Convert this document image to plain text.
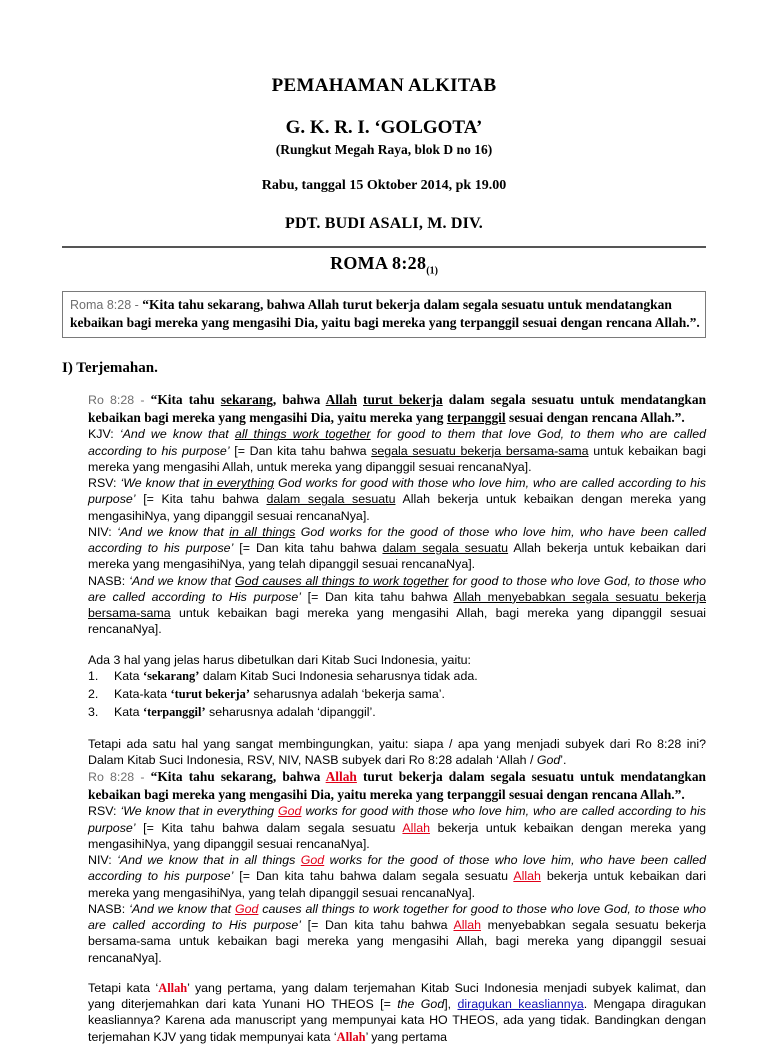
PEMAHAMAN ALKITAB
G. K. R. I. ‘GOLGOTA’
(Rungkut Megah Raya, blok D no 16)
Rabu, tanggal 15 Oktober 2014, pk 19.00
PDT. BUDI ASALI, M. DIV.
ROMA $8:28_{(1)}$
Roma 8:28 - “Kita tahu sekarang, bahwa Allah turut bekerja dalam segala sesuatu untuk mendatangkan kebaikan bagi mereka yang mengasihi Dia, yaitu bagi mereka yang terpanggil sesuai dengan rencana Allah.”.
I) Terjemahan.

Ro 8:28 - “Kita tahu sekarang, bahwa Allah turut bekerja dalam segala sesuatu untuk mendatangkan kebaikan bagi mereka yang mengasihi Dia, yaitu mereka yang terpanggil sesuai dengan rencana Allah.”.

KJV: ‘And we know that all things work together for good to them that love God, to them who are called according to his purpose’ [= Dan kita tahu bahwa segala sesuatu bekerja bersama-sama untuk kebaikan bagi mereka yang mengasihi Allah, untuk mereka yang dipanggil sesuai rencanaNya].

RSV: ‘We know that in everything God works for good with those who love him, who are called according to his purpose’ [= Kita tahu bahwa dalam segala sesuatu Allah bekerja untuk kebaikan dengan mereka yang mengasihiNya, yang dipanggil sesuai rencanaNya].

NIV: ‘And we know that in all things God works for the good of those who love him, who have been called according to his purpose’ [= Dan kita tahu bahwa dalam segala sesuatu Allah bekerja untuk kebaikan dari mereka yang mengasihiNya, yang telah dipanggil sesuai rencanaNya].

NASB: ‘And we know that God causes all things to work together for good to those who love God, to those who are called according to His purpose’ [= Dan kita tahu bahwa Allah menyebabkan segala sesuatu bekerja bersama-sama untuk kebaikan bagi mereka yang mengasihi Allah, bagi mereka yang dipanggil sesuai rencanaNya].

Ada 3 hal yang jelas harus dibetulkan dari Kitab Suci Indonesia, yaitu:

1.	Kata ‘sekarang’ dalam Kitab Suci Indonesia seharusnya tidak ada.
2.	Kata-kata ‘turut bekerja’ seharusnya adalah ‘bekerja sama’.
3.	Kata ‘terpanggil’ seharusnya adalah ‘dipanggil’.

Tetapi ada satu hal yang sangat membingungkan, yaitu: siapa / apa yang menjadi subyek dari Ro 8:28 ini? Dalam Kitab Suci Indonesia, RSV, NIV, NASB subyek dari Ro 8:28 adalah ‘Allah / God’.

Ro 8:28 - “Kita tahu sekarang, bahwa Allah turut bekerja dalam segala sesuatu untuk mendatangkan kebaikan bagi mereka yang mengasihi Dia, yaitu mereka yang terpanggil sesuai dengan rencana Allah.”.

RSV: ‘We know that in everything God works for good with those who love him, who are called according to his purpose’ [= Kita tahu bahwa dalam segala sesuatu Allah bekerja untuk kebaikan dengan mereka yang mengasihiNya, yang dipanggil sesuai rencanaNya].

NIV: ‘And we know that in all things God works for the good of those who love him, who have been called according to his purpose’ [= Dan kita tahu bahwa dalam segala sesuatu Allah bekerja untuk kebaikan dari mereka yang mengasihiNya, yang telah dipanggil sesuai rencanaNya].

NASB: ‘And we know that God causes all things to work together for good to those who love God, to those who are called according to His purpose’ [= Dan kita tahu bahwa Allah menyebabkan segala sesuatu bekerja bersama-sama untuk kebaikan bagi mereka yang mengasihi Allah, bagi mereka yang dipanggil sesuai rencanaNya].

Tetapi kata ‘Allah’ yang pertama, yang dalam terjemahan Kitab Suci Indonesia menjadi subyek kalimat, dan yang diterjemahkan dari kata Yunani HO THEOS [= the God], diragukan keasliannya. Mengapa diragukan keasliannya? Karena ada manuscript yang mempunyai kata HO THEOS, ada yang tidak. Bandingkan dengan terjemahan KJV yang tidak mempunyai kata ‘Allah’ yang pertama
